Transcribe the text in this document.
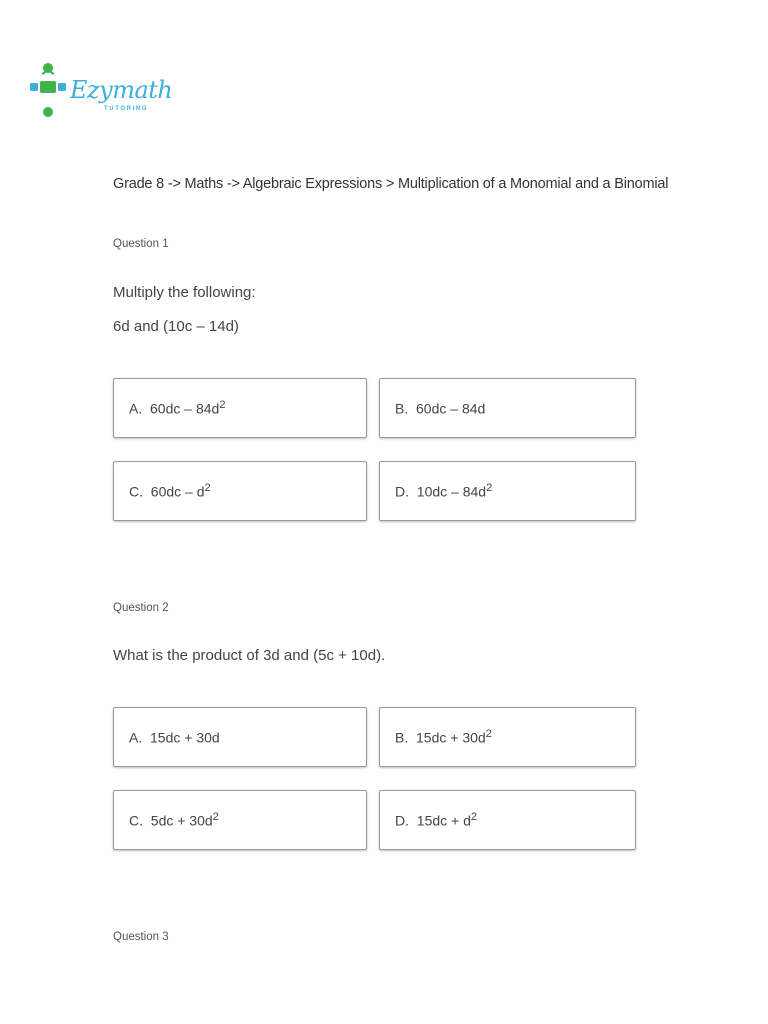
Ezymath
TUTORING
Grade 8 -> Maths -> Algebraic Expressions > Multiplication of a Monomial and a Binomial
Question 1
Multiply the following:
6d and (10c – 14d)
A. $60dc - 84d^2$	B. 60dc – 84d
C. $60dc - d^2$	D. $10dc - 84d^2$
Question 2
What is the product of 3d and (5c + 10d).
A. 15dc + 30d	B. $15dc + 30d^2$
C. $5dc + 30d^2$	D. $15dc + d^2$
Question 3
